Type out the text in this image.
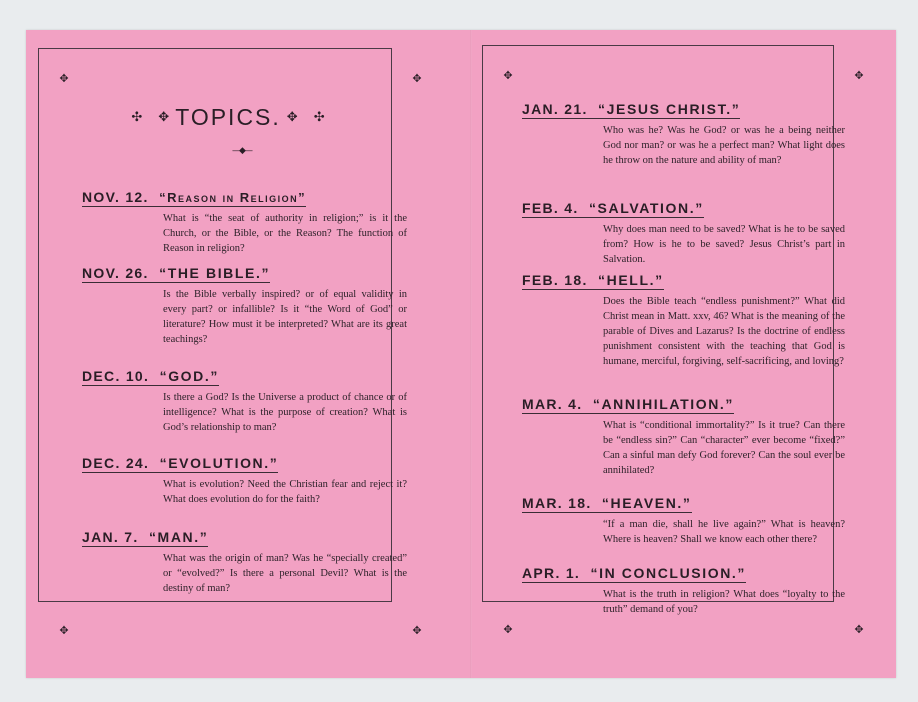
✥	✥
✥	✥
✥	✥
✥	✥
✣ ✥ TOPICS. ✥ ✣
––◆––
NOV. 12. “Reason in Religion”
What is “the seat of authority in religion;” is it the Church, or the Bible, or the Reason? The function of Reason in religion?
NOV. 26. “THE BIBLE.”
Is the Bible verbally inspired? or of equal validity in every part? or infallible? Is it “the Word of God” or literature? How must it be interpreted? What are its great teachings?
DEC. 10. “GOD.”
Is there a God? Is the Universe a product of chance or of intelligence? What is the purpose of creation? What is God’s relationship to man?
DEC. 24. “EVOLUTION.”
What is evolution? Need the Christian fear and reject it? What does evolution do for the faith?
JAN. 7. “MAN.”
What was the origin of man? Was he “specially created” or “evolved?” Is there a personal Devil? What is the destiny of man?
JAN. 21. “JESUS CHRIST.”
Who was he? Was he God? or was he a being neither God nor man? or was he a perfect man? What light does he throw on the nature and ability of man?
FEB. 4. “SALVATION.”
Why does man need to be saved? What is he to be saved from? How is he to be saved? Jesus Christ’s part in Salvation.
FEB. 18. “HELL.”
Does the Bible teach “endless punishment?” What did Christ mean in Matt. xxv, 46? What is the meaning of the parable of Dives and Lazarus? Is the doctrine of endless punishment consistent with the teaching that God is humane, merciful, forgiving, self-sacrificing, and loving?
MAR. 4. “ANNIHILATION.”
What is “conditional immortality?” Is it true? Can there be “endless sin?” Can “character” ever become “fixed?” Can a sinful man defy God forever? Can the soul ever be annihilated?
MAR. 18. “HEAVEN.”
“If a man die, shall he live again?” What is heaven? Where is heaven? Shall we know each other there?
APR. 1. “IN CONCLUSION.”
What is the truth in religion? What does “loyalty to the truth” demand of you?
